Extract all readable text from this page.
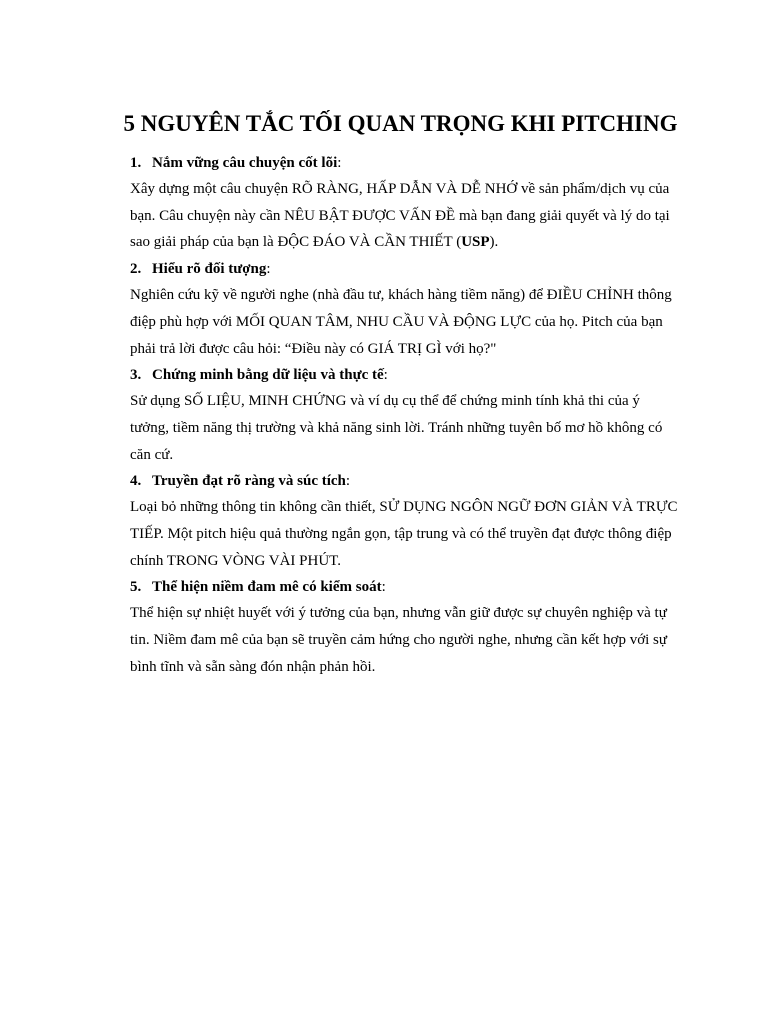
5 NGUYÊN TẮC TỐI QUAN TRỌNG KHI PITCHING
1. Nắm vững câu chuyện cốt lõi:

Xây dựng một câu chuyện RÕ RÀNG, HẤP DẪN VÀ DỄ NHỚ về sản phẩm/dịch vụ của bạn. Câu chuyện này cần NÊU BẬT ĐƯỢC VẤN ĐỀ mà bạn đang giải quyết và lý do tại sao giải pháp của bạn là ĐỘC ĐÁO VÀ CẦN THIẾT (USP).

2. Hiểu rõ đối tượng:

Nghiên cứu kỹ về người nghe (nhà đầu tư, khách hàng tiềm năng) để ĐIỀU CHỈNH thông điệp phù hợp với MỐI QUAN TÂM, NHU CẦU VÀ ĐỘNG LỰC của họ. Pitch của bạn phải trả lời được câu hỏi: “Điều này có GIÁ TRỊ GÌ với họ?"

3. Chứng minh bằng dữ liệu và thực tế:

Sử dụng SỐ LIỆU, MINH CHỨNG và ví dụ cụ thể để chứng minh tính khả thi của ý tưởng, tiềm năng thị trường và khả năng sinh lời. Tránh những tuyên bố mơ hồ không có căn cứ.

4. Truyền đạt rõ ràng và súc tích:

Loại bỏ những thông tin không cần thiết, SỬ DỤNG NGÔN NGỮ ĐƠN GIẢN VÀ TRỰC TIẾP. Một pitch hiệu quả thường ngắn gọn, tập trung và có thể truyền đạt được thông điệp chính TRONG VÒNG VÀI PHÚT.

5. Thể hiện niềm đam mê có kiểm soát:

Thể hiện sự nhiệt huyết với ý tưởng của bạn, nhưng vẫn giữ được sự chuyên nghiệp và tự tin. Niềm đam mê của bạn sẽ truyền cảm hứng cho người nghe, nhưng cần kết hợp với sự bình tĩnh và sẵn sàng đón nhận phản hồi.
